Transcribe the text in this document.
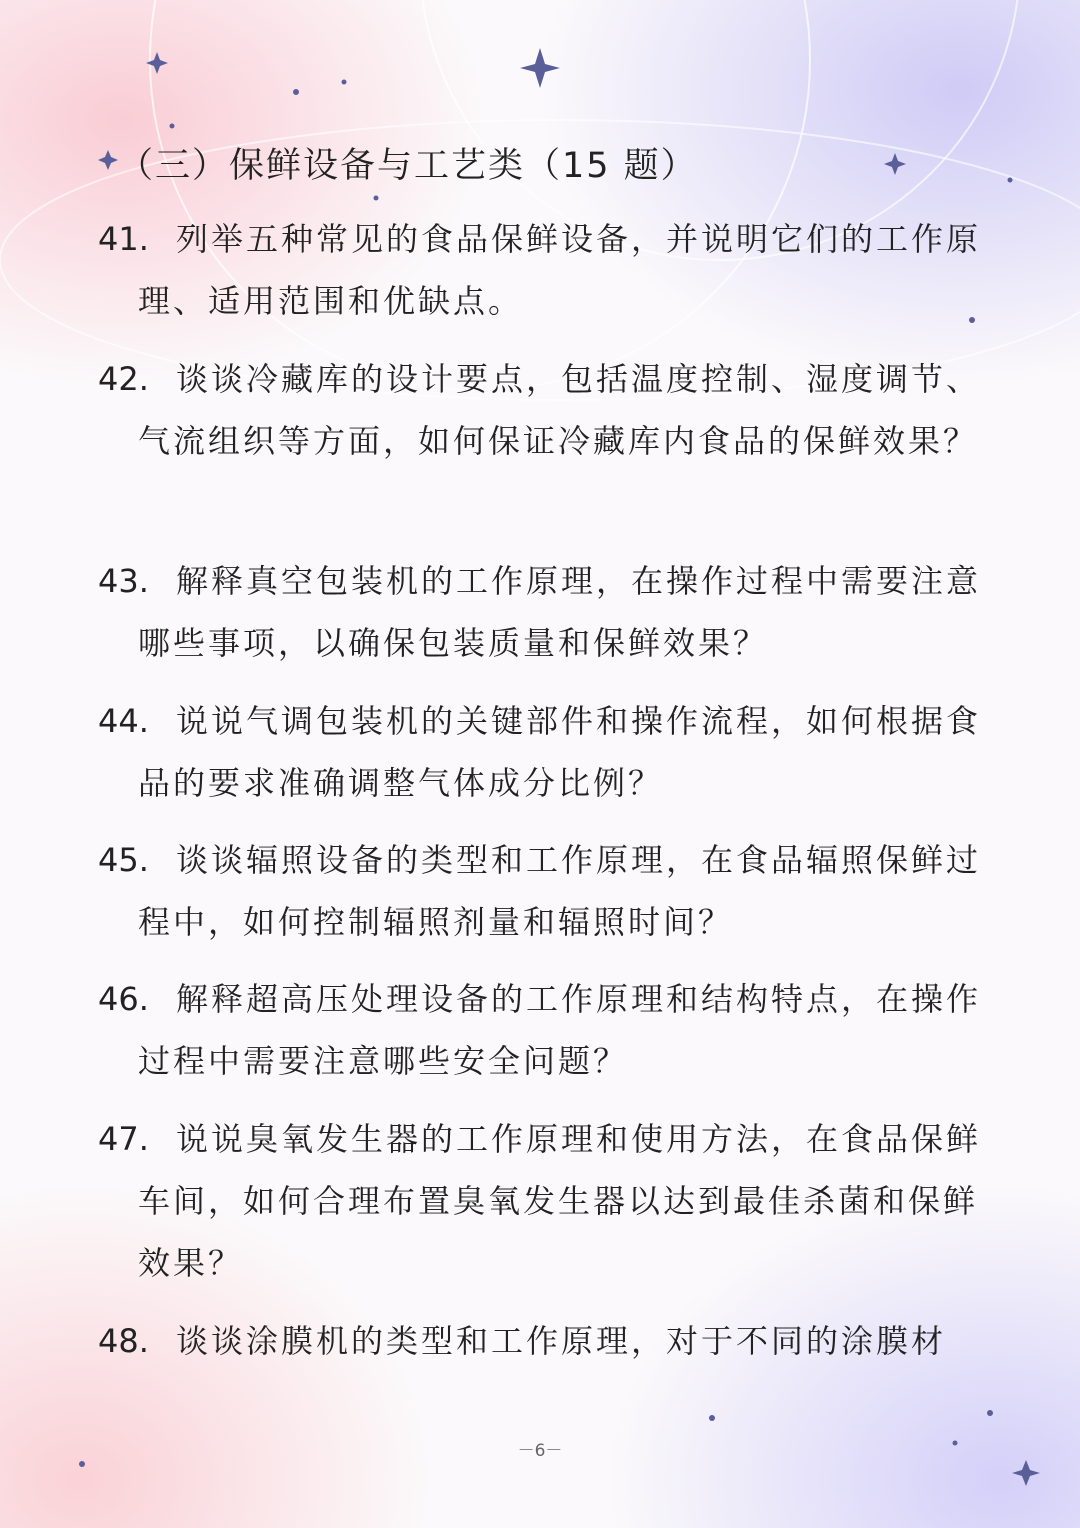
（三）保鲜设备与工艺类（15 题）
41. 列举五种常见的食品保鲜设备，并说明它们的工作原理、适用范围和优缺点。
42. 谈谈冷藏库的设计要点，包括温度控制、湿度调节、气流组织等方面，如何保证冷藏库内食品的保鲜效果？
43. 解释真空包装机的工作原理，在操作过程中需要注意哪些事项，以确保包装质量和保鲜效果？
44. 说说气调包装机的关键部件和操作流程，如何根据食品的要求准确调整气体成分比例？
45. 谈谈辐照设备的类型和工作原理，在食品辐照保鲜过程中，如何控制辐照剂量和辐照时间？
46. 解释超高压处理设备的工作原理和结构特点，在操作过程中需要注意哪些安全问题？
47. 说说臭氧发生器的工作原理和使用方法，在食品保鲜车间，如何合理布置臭氧发生器以达到最佳杀菌和保鲜效果？
48. 谈谈涂膜机的类型和工作原理，对于不同的涂膜材
－6－
